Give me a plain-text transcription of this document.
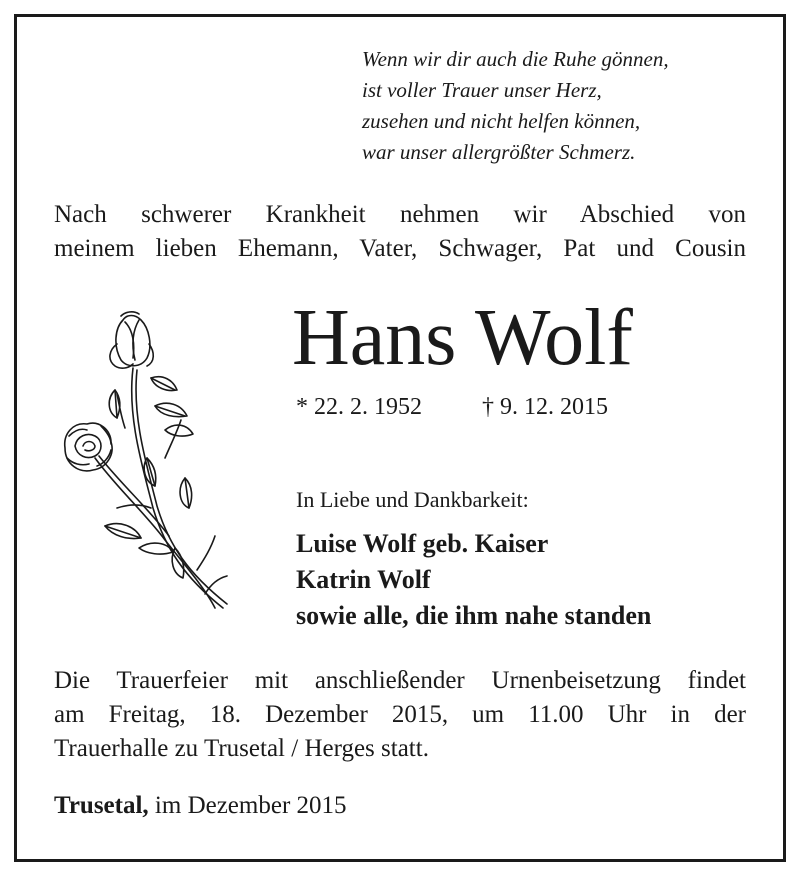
Wenn wir dir auch die Ruhe gönnen,
ist voller Trauer unser Herz,
zusehen und nicht helfen können,
war unser allergrößter Schmerz.
Nach schwerer Krankheit nehmen wir Abschied von
meinem lieben Ehemann, Vater, Schwager, Pat und Cousin
Hans Wolf
* 22. 2. 1952	† 9. 12. 2015
In Liebe und Dankbarkeit:
Luise Wolf geb. Kaiser
Katrin Wolf
sowie alle, die ihm nahe standen
Die Trauerfeier mit anschließender Urnenbeisetzung findet
am Freitag, 18. Dezember 2015, um 11.00 Uhr in der
Trauerhalle zu Trusetal / Herges statt.
Trusetal, im Dezember 2015
